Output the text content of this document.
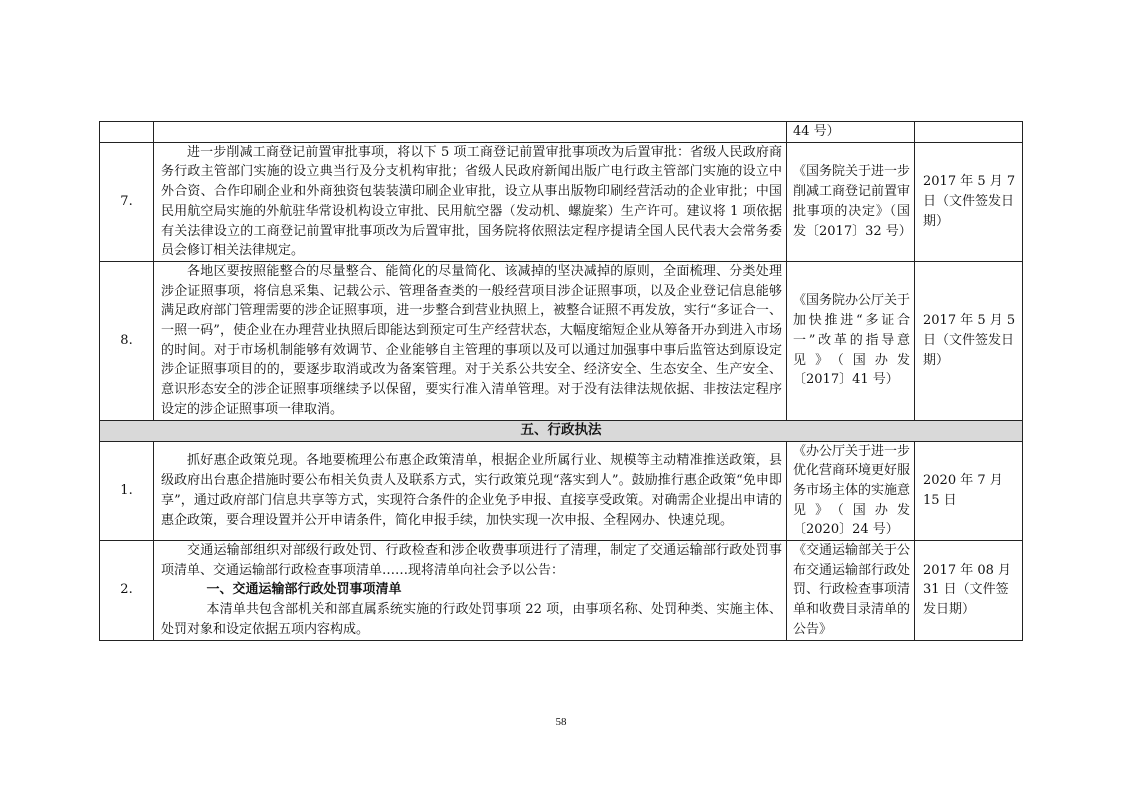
		44 号）	
7.	进一步削减工商登记前置审批事项，将以下 5 项工商登记前置审批事项改为后置审批：省级人民政府商务行政主管部门实施的设立典当行及分支机构审批；省级人民政府新闻出版广电行政主管部门实施的设立中外合资、合作印刷企业和外商独资包装装潢印刷企业审批，设立从事出版物印刷经营活动的企业审批；中国民用航空局实施的外航驻华常设机构设立审批、民用航空器（发动机、螺旋桨）生产许可。建议将 1 项依据有关法律设立的工商登记前置审批事项改为后置审批，国务院将依照法定程序提请全国人民代表大会常务委员会修订相关法律规定。	《国务院关于进一步削减工商登记前置审批事项的决定》（国发〔2017〕32 号）	2017 年 5 月 7 日（文件签发日期）
8.	各地区要按照能整合的尽量整合、能简化的尽量简化、该减掉的坚决减掉的原则，全面梳理、分类处理涉企证照事项，将信息采集、记载公示、管理备查类的一般经营项目涉企证照事项，以及企业登记信息能够满足政府部门管理需要的涉企证照事项，进一步整合到营业执照上，被整合证照不再发放，实行“多证合一、一照一码”，使企业在办理营业执照后即能达到预定可生产经营状态，大幅度缩短企业从筹备开办到进入市场的时间。对于市场机制能够有效调节、企业能够自主管理的事项以及可以通过加强事中事后监管达到原设定涉企证照事项目的的，要逐步取消或改为备案管理。对于关系公共安全、经济安全、生态安全、生产安全、意识形态安全的涉企证照事项继续予以保留，要实行准入清单管理。对于没有法律法规依据、非按法定程序设定的涉企证照事项一律取消。	《国务院办公厅关于加快推进“多证合一”改革的指导意见》（国办发〔2017〕41 号）	2017 年 5 月 5 日（文件签发日期）
五、行政执法			
1.	抓好惠企政策兑现。各地要梳理公布惠企政策清单，根据企业所属行业、规模等主动精准推送政策，县级政府出台惠企措施时要公布相关负责人及联系方式，实行政策兑现“落实到人”。鼓励推行惠企政策“免申即享”，通过政府部门信息共享等方式，实现符合条件的企业免予申报、直接享受政策。对确需企业提出申请的惠企政策，要合理设置并公开申请条件，简化申报手续，加快实现一次申报、全程网办、快速兑现。	《办公厅关于进一步优化营商环境更好服务市场主体的实施意见》（国办发〔2020〕24 号）	2020 年 7 月 15 日
2.	交通运输部组织对部级行政处罚、行政检查和涉企收费事项进行了清理，制定了交通运输部行政处罚事项清单、交通运输部行政检查事项清单……现将清单向社会予以公告：

一、交通运输部行政处罚事项清单

本清单共包含部机关和部直属系统实施的行政处罚事项 22 项，由事项名称、处罚种类、实施主体、处罚对象和设定依据五项内容构成。	《交通运输部关于公布交通运输部行政处罚、行政检查事项清单和收费目录清单的公告》	2017 年 08 月 31 日（文件签发日期）
58
